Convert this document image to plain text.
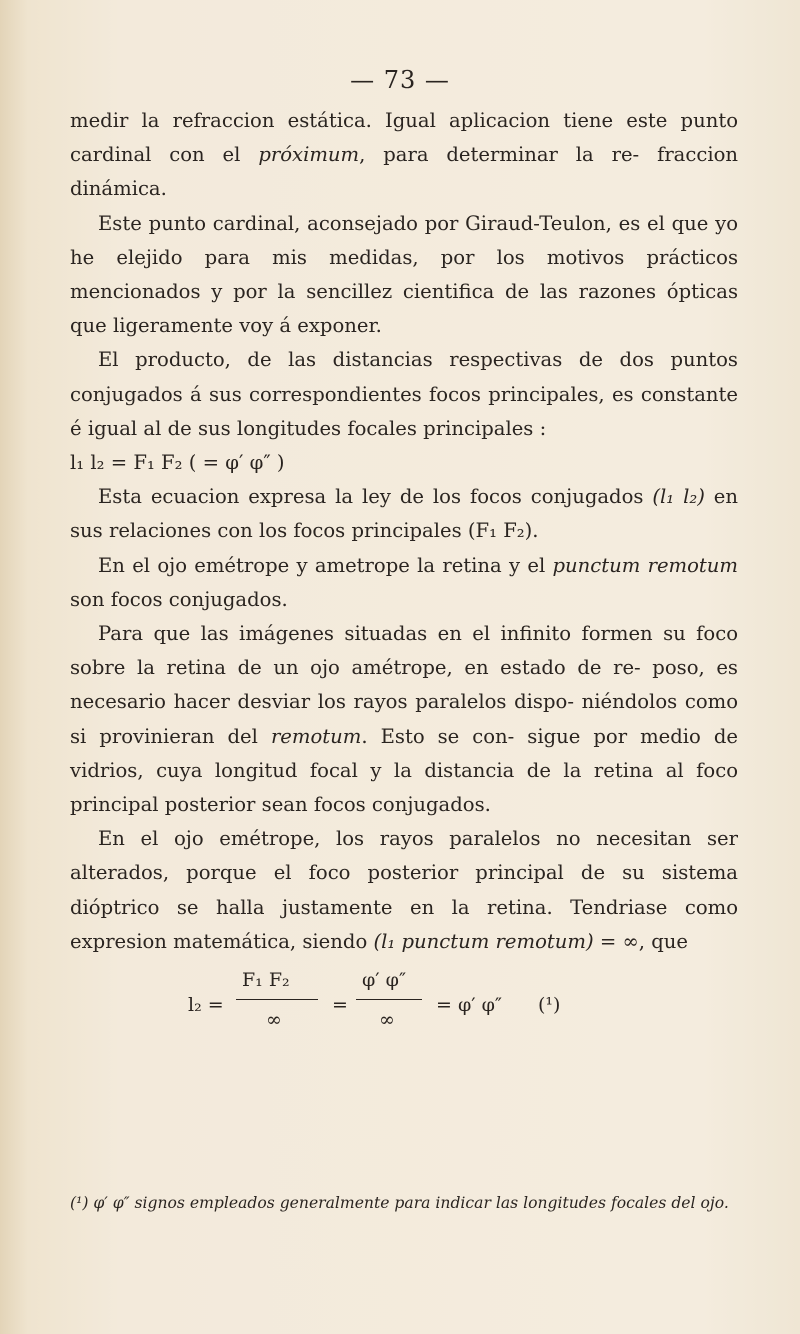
— 73 —

medir la refraccion estática. Igual aplicacion tiene este punto cardinal con el próximum, para determinar la re- fraccion dinámica.

Este punto cardinal, aconsejado por Giraud-Teulon, es el que yo he elejido para mis medidas, por los motivos prácticos mencionados y por la sencillez cientifica de las razones ópticas que ligeramente voy á exponer.

El producto, de las distancias respectivas de dos puntos conjugados á sus correspondientes focos principales, es constante é igual al de sus longitudes focales principales :

l₁ l₂ = F₁ F₂ ( = φ′ φ″ )

Esta ecuacion expresa la ley de los focos conjugados (l₁ l₂) en sus relaciones con los focos principales (F₁ F₂).

En el ojo emétrope y ametrope la retina y el punctum remotum son focos conjugados.

Para que las imágenes situadas en el infinito formen su foco sobre la retina de un ojo amétrope, en estado de re- poso, es necesario hacer desviar los rayos paralelos dispo- niéndolos como si provinieran del remotum. Esto se con- sigue por medio de vidrios, cuya longitud focal y la distancia de la retina al foco principal posterior sean focos conjugados.

En el ojo emétrope, los rayos paralelos no necesitan ser alterados, porque el foco posterior principal de su sistema dióptrico se halla justamente en la retina. Tendriase como expresion matemática, siendo (l₁ punctum remotum) = ∞, que

l₂ =
F₁ F₂
∞
=
φ′ φ″
∞
= φ′ φ″ (¹)
(¹) φ′ φ″ signos empleados generalmente para indicar las longitudes focales del ojo.
